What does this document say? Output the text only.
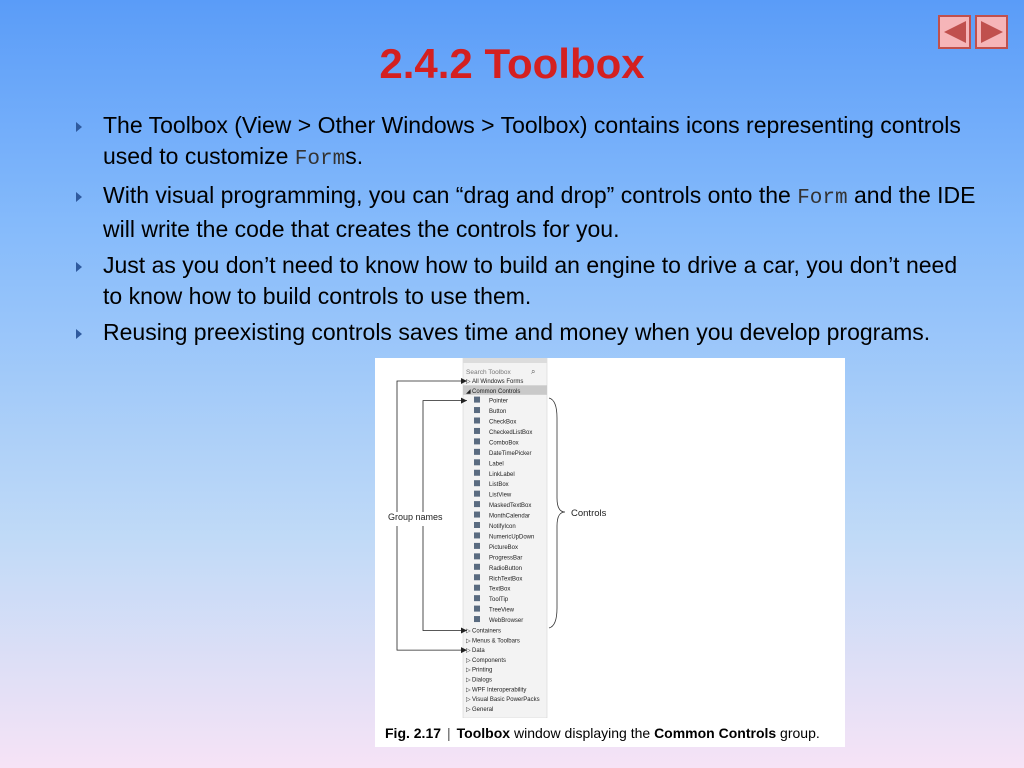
2.4.2 Toolbox
The Toolbox (View > Other Windows > Toolbox) contains icons representing controls used to customize Forms.
With visual programming, you can “drag and drop” controls onto the Form and the IDE will write the code that creates the controls for you.
Just as you don’t need to know how to build an engine to drive a car, you don’t need to know how to build controls to use them.
Reusing preexisting controls saves time and money when you develop programs.
Search Toolbox	⌕
▷ All Windows Forms
◢ Common Controls
Pointer
Button
CheckBox
CheckedListBox
ComboBox
DateTimePicker
Label
LinkLabel
ListBox
ListView
MaskedTextBox
MonthCalendar
NotifyIcon
NumericUpDown
PictureBox
ProgressBar
RadioButton
RichTextBox
TextBox
ToolTip
TreeView
WebBrowser
▷ Containers
▷ Menus & Toolbars
▷ Data
▷ Components
▷ Printing
▷ Dialogs
▷ WPF Interoperability
▷ Visual Basic PowerPacks
▷ General
Controls
Group names
Fig. 2.17 | Toolbox window displaying the Common Controls group.
